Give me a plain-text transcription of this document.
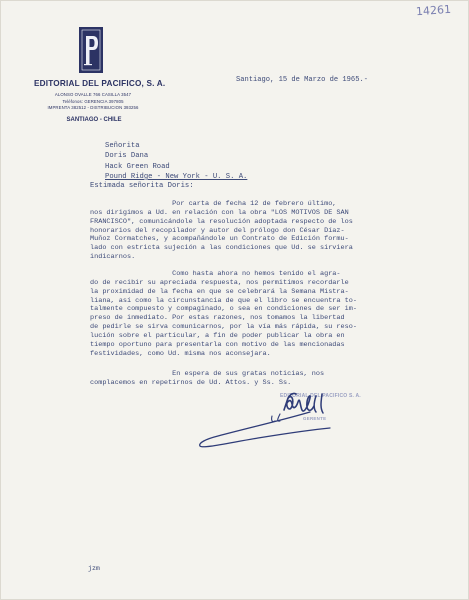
14261
EDITORIAL DEL PACIFICO, S. A.
ALONSO OVALLE 766 CASILLA 3547
Teléfonos: GERENCIA 397805
IMPRENTA 382512 - DISTRIBUCION 393256
SANTIAGO - CHILE
Santiago, 15 de Marzo de 1965.-
Señorita
Doris Dana
Hack Green Road
Pound Ridge - New York - U. S. A.
Estimada señorita Doris:
Por carta de fecha 12 de febrero último,
nos dirigimos a Ud. en relación con la obra "LOS MOTIVOS DE SAN
FRANCISCO", comunicándole la resolución adoptada respecto de los
honorarios del recopilador y autor del prólogo don César Díaz-
Muñoz Cormatches, y acompañándole un Contrato de Edición formu-
lado con estricta sujeción a las condiciones que Ud. se sirviera
indicarnos.
Como hasta ahora no hemos tenido el agra-
do de recibir su apreciada respuesta, nos permitimos recordarle
la proximidad de la fecha en que se celebrará la Semana Mistra-
liana, así como la circunstancia de que el libro se encuentra to-
talmente compuesto y compaginado, o sea en condiciones de ser im-
preso de inmediato. Por estas razones, nos tomamos la libertad
de pedirle se sirva comunicarnos, por la vía más rápida, su reso-
lución sobre el partícular, a fin de poder publicar la obra en
tiempo oportuno para presentarla con motivo de las mencionadas
festividades, como Ud. misma nos aconsejara.
En espera de sus gratas noticias, nos
complacemos en repetirnos de Ud. Attos. y Ss. Ss.
EDITORIAL DEL PACIFICO S. A.
GERENTE
jzm
